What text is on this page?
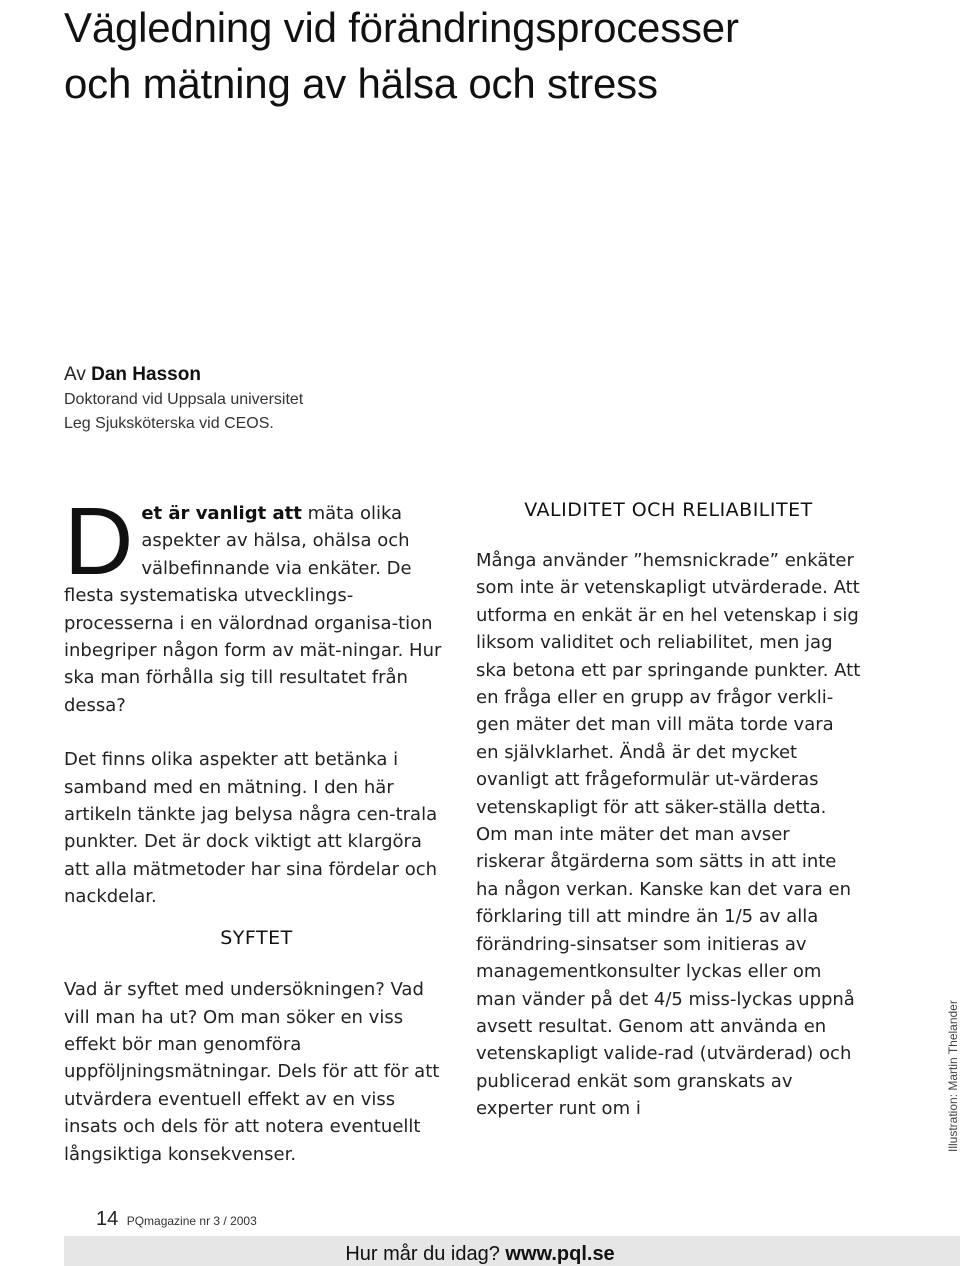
Vägledning vid förändringsprocesser
och mätning av hälsa och stress
Av Dan Hasson
Doktorand vid Uppsala universitet
Leg Sjuksköterska vid CEOS.

Det är vanligt att mäta olika aspekter av hälsa, ohälsa och välbefinnande via enkäter. De flesta systematiska utvecklings-processerna i en välordnad organisa-tion inbegriper någon form av mät-ningar. Hur ska man förhålla sig till resultatet från dessa?

Det finns olika aspekter att betänka i samband med en mätning. I den här artikeln tänkte jag belysa några cen-trala punkter. Det är dock viktigt att klargöra att alla mätmetoder har sina fördelar och nackdelar.

SYFTET

Vad är syftet med undersökningen? Vad vill man ha ut? Om man söker en viss effekt bör man genomföra uppföljningsmätningar. Dels för att för att utvärdera eventuell effekt av en viss insats och dels för att notera eventuellt långsiktiga konsekvenser.

VALIDITET OCH RELIABILITET

Många använder ”hemsnickrade” enkäter som inte är vetenskapligt utvärderade. Att utforma en enkät är en hel vetenskap i sig liksom validitet och reliabilitet, men jag ska betona ett par springande punkter. Att en fråga eller en grupp av frågor verkli-gen mäter det man vill mäta torde vara en självklarhet. Ändå är det mycket ovanligt att frågeformulär ut-värderas vetenskapligt för att säker-ställa detta. Om man inte mäter det man avser riskerar åtgärderna som sätts in att inte ha någon verkan. Kanske kan det vara en förklaring till att mindre än 1/5 av alla förändring-sinsatser som initieras av managementkonsulter lyckas eller om man vänder på det 4/5 miss-lyckas uppnå avsett resultat. Genom att använda en vetenskapligt valide-rad (utvärderad) och publicerad enkät som granskats av experter runt om i	Illustration: Martin Thelander
14 PQmagazine nr 3 / 2003
Hur mår du idag? www.pql.se
